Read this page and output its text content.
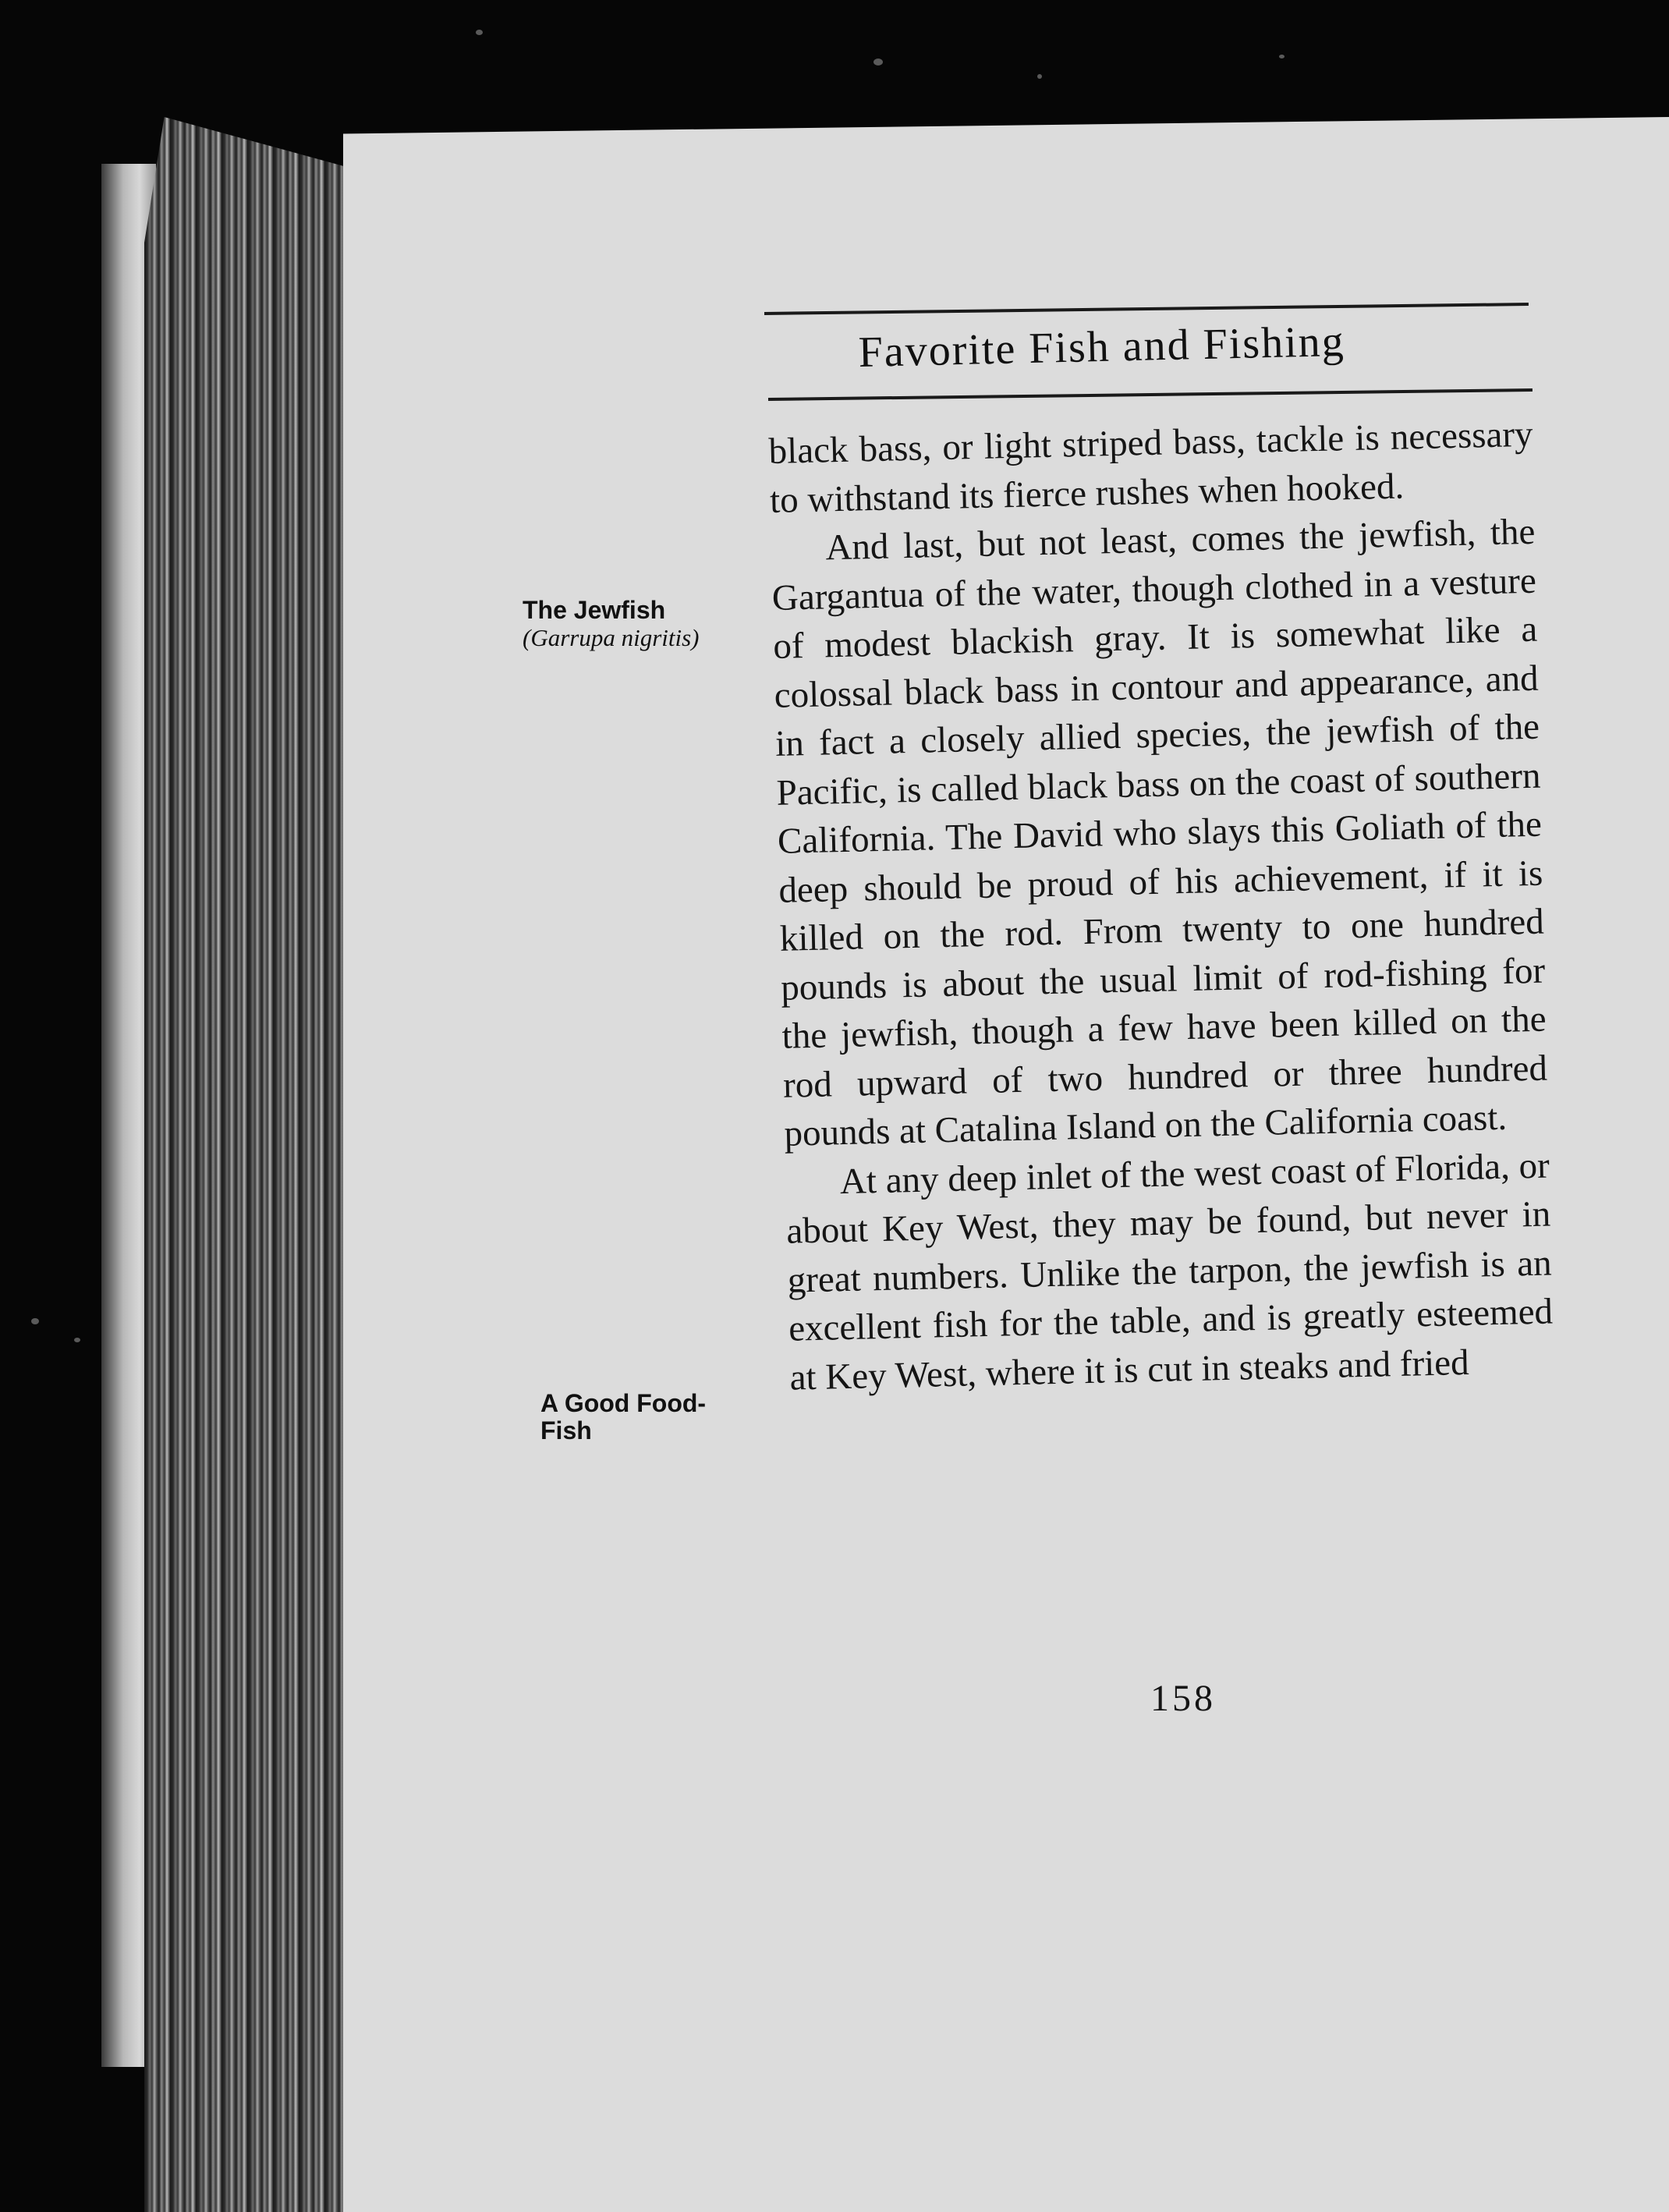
Favorite Fish and Fishing
The Jewfish
(Garrupa nigritis)
A Good Food-Fish

black bass, or light striped bass, tackle is necessary to withstand its fierce rushes when hooked.

And last, but not least, comes the jewfish, the Gargantua of the water, though clothed in a vesture of modest blackish gray. It is somewhat like a colossal black bass in contour and appearance, and in fact a closely allied species, the jewfish of the Pacific, is called black bass on the coast of southern California. The David who slays this Goliath of the deep should be proud of his achievement, if it is killed on the rod. From twenty to one hundred pounds is about the usual limit of rod-fishing for the jewfish, though a few have been killed on the rod upward of two hundred or three hundred pounds at Catalina Island on the California coast.

At any deep inlet of the west coast of Florida, or about Key West, they may be found, but never in great numbers. Unlike the tarpon, the jewfish is an excellent fish for the table, and is greatly esteemed at Key West, where it is cut in steaks and fried

158
